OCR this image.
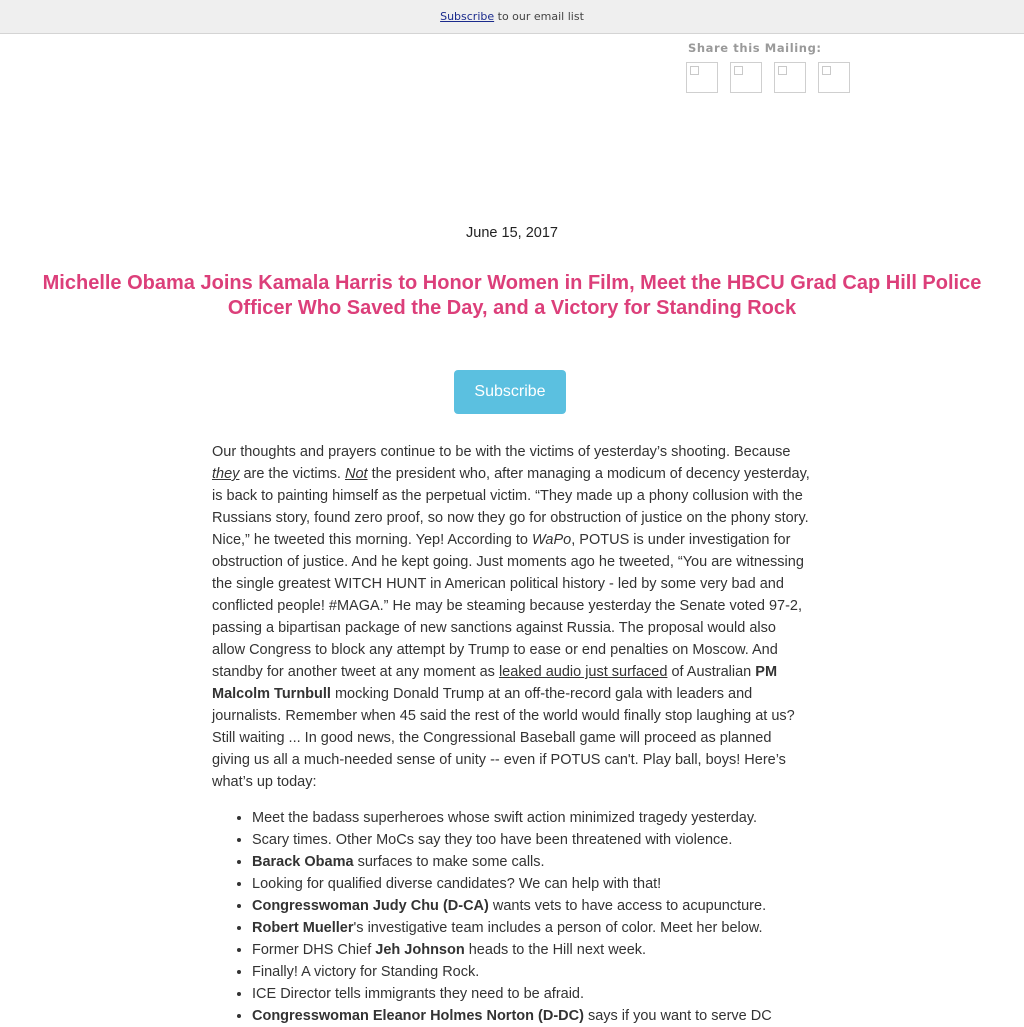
Subscribe to our email list
Share this Mailing:
June 15, 2017
Michelle Obama Joins Kamala Harris to Honor Women in Film, Meet the HBCU Grad Cap Hill Police Officer Who Saved the Day, and a Victory for Standing Rock
Subscribe

Our thoughts and prayers continue to be with the victims of yesterday’s shooting. Because they are the victims. Not the president who, after managing a modicum of decency yesterday, is back to painting himself as the perpetual victim. “They made up a phony collusion with the Russians story, found zero proof, so now they go for obstruction of justice on the phony story. Nice,” he tweeted this morning. Yep! According to WaPo, POTUS is under investigation for obstruction of justice. And he kept going. Just moments ago he tweeted, “You are witnessing the single greatest WITCH HUNT in American political history - led by some very bad and conflicted people! #MAGA.” He may be steaming because yesterday the Senate voted 97-2, passing a bipartisan package of new sanctions against Russia. The proposal would also allow Congress to block any attempt by Trump to ease or end penalties on Moscow. And standby for another tweet at any moment as leaked audio just surfaced of Australian PM Malcolm Turnbull mocking Donald Trump at an off-the-record gala with leaders and journalists. Remember when 45 said the rest of the world would finally stop laughing at us? Still waiting ... In good news, the Congressional Baseball game will proceed as planned giving us all a much-needed sense of unity -- even if POTUS can't. Play ball, boys! Here’s what’s up today:

• Meet the badass superheroes whose swift action minimized tragedy yesterday.
• Scary times. Other MoCs say they too have been threatened with violence.
• Barack Obama surfaces to make some calls.
• Looking for qualified diverse candidates? We can help with that!
• Congresswoman Judy Chu (D-CA) wants vets to have access to acupuncture.
• Robert Mueller's investigative team includes a person of color. Meet her below.
• Former DHS Chief Jeh Johnson heads to the Hill next week.
• Finally! A victory for Standing Rock.
• ICE Director tells immigrants they need to be afraid.
• Congresswoman Eleanor Holmes Norton (D-DC) says if you want to serve DC
